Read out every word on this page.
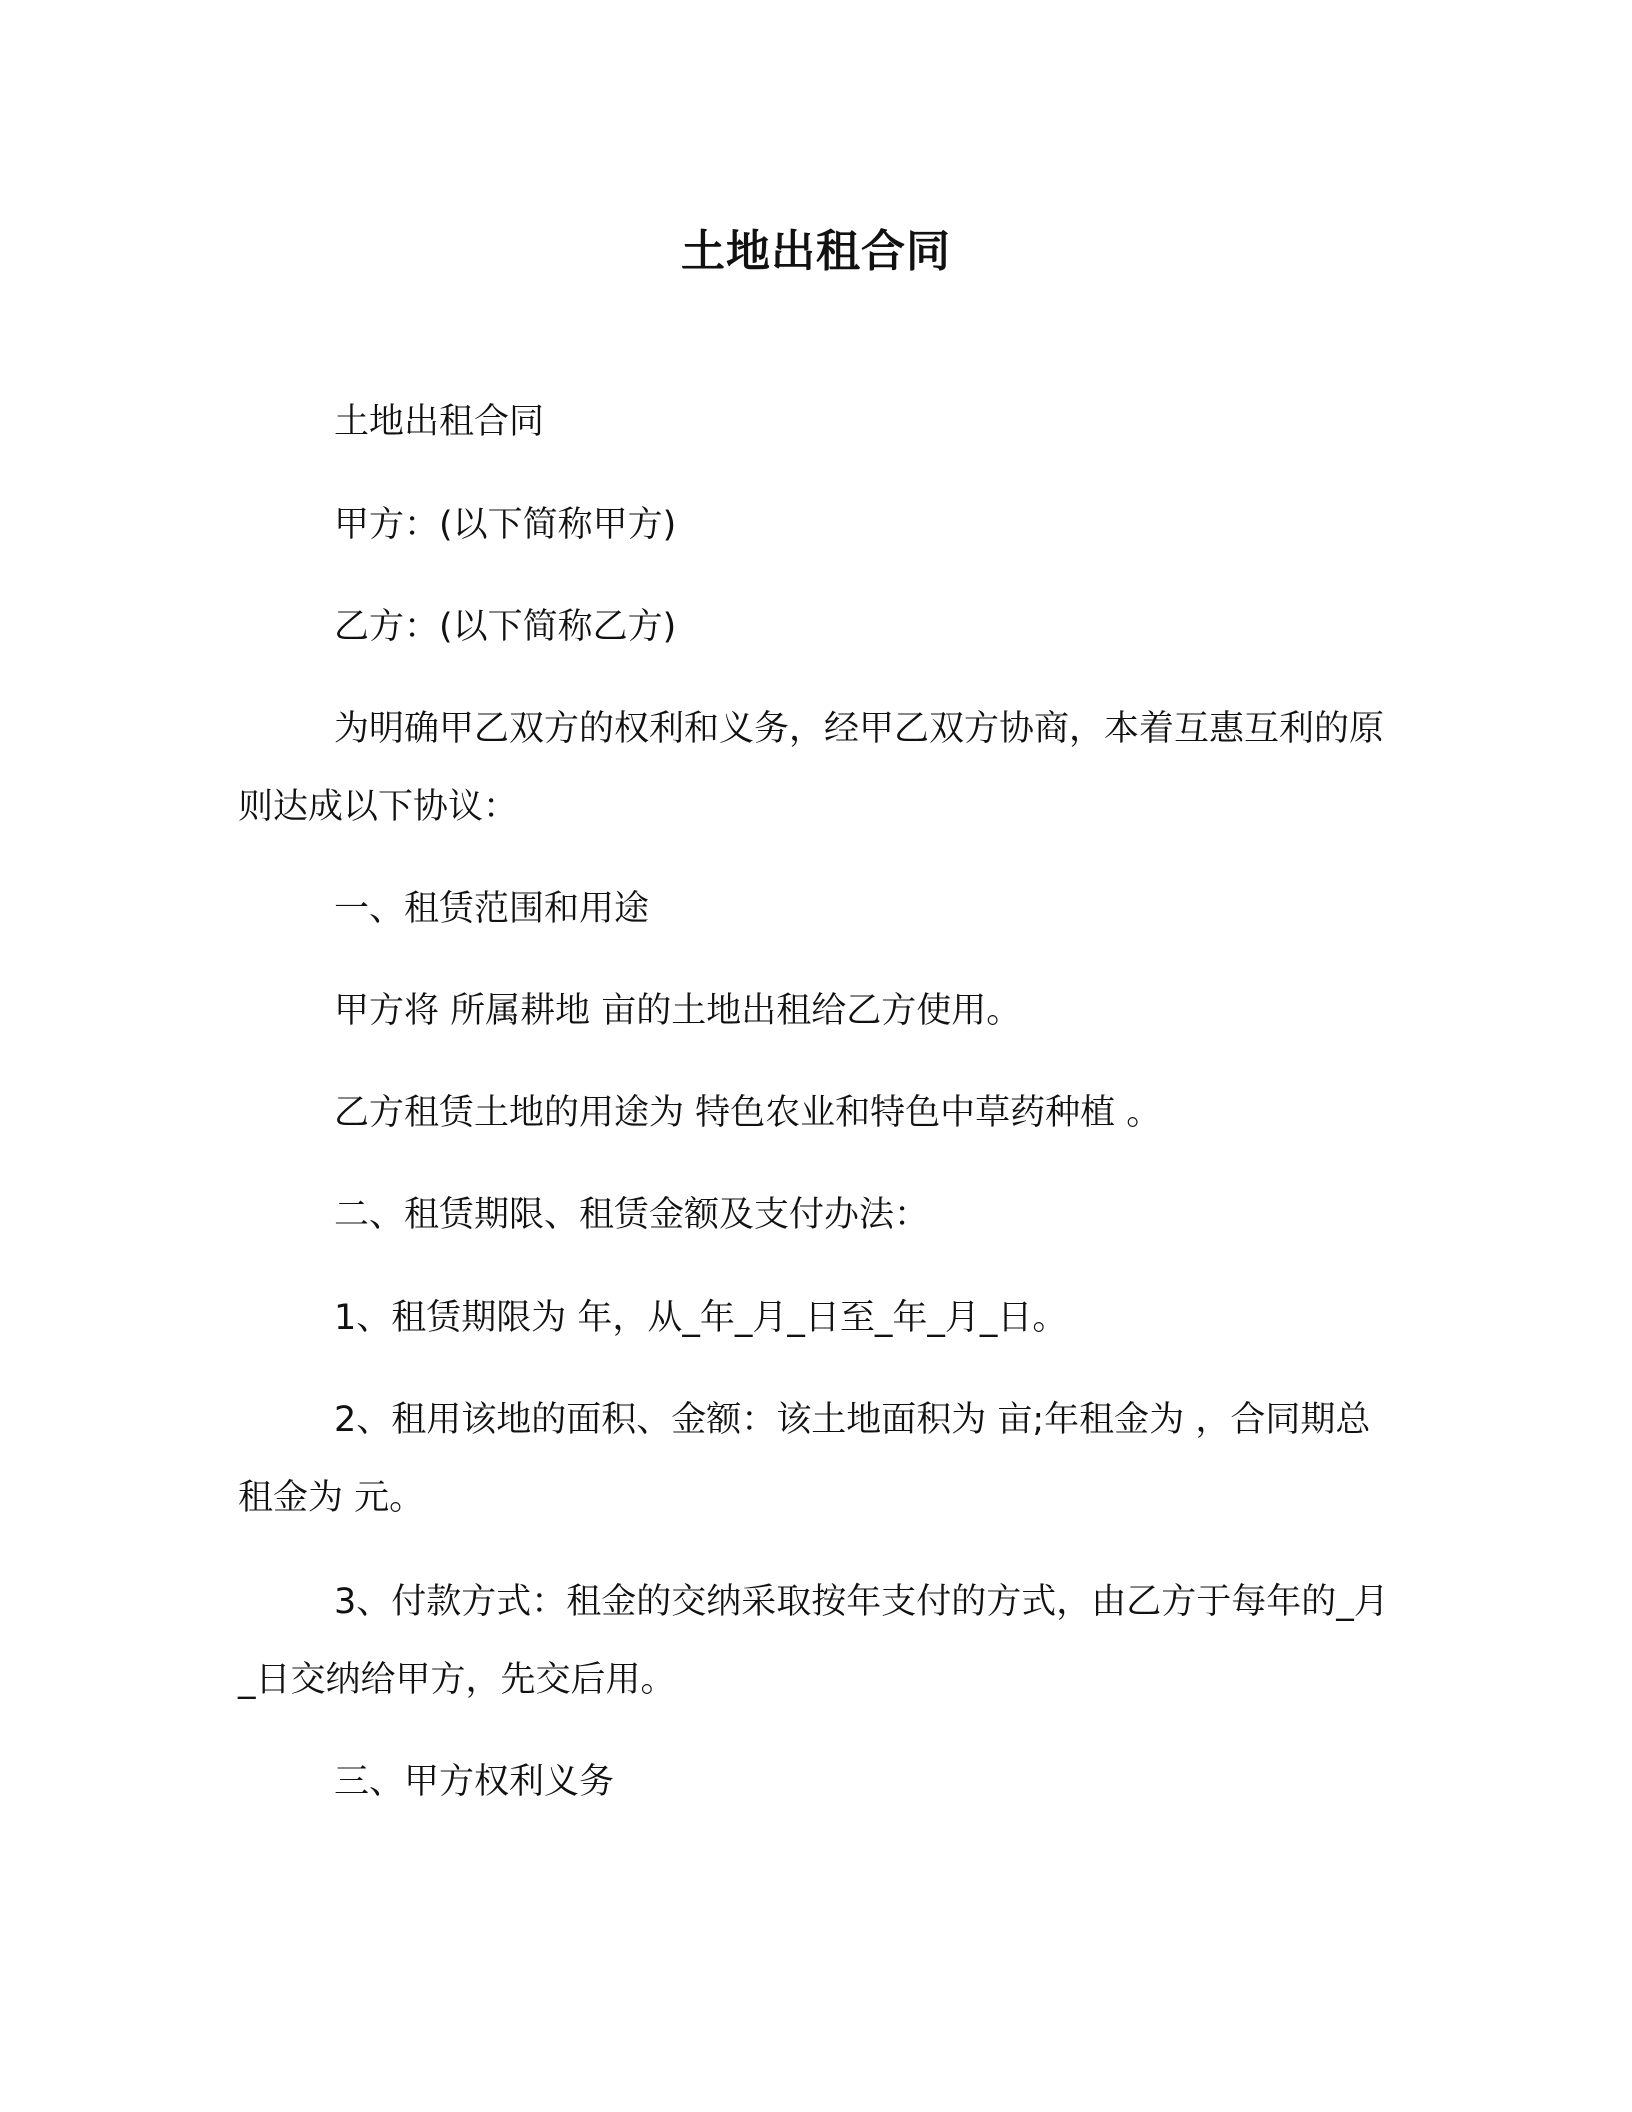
土地出租合同
土地出租合同
甲方：(以下简称甲方)
乙方：(以下简称乙方)
为明确甲乙双方的权利和义务，经甲乙双方协商，本着互惠互利的原则达成以下协议：
一、租赁范围和用途
甲方将 所属耕地 亩的土地出租给乙方使用。
乙方租赁土地的用途为 特色农业和特色中草药种植 。
二、租赁期限、租赁金额及支付办法：
1、租赁期限为 年，从_年_月_日至_年_月_日。
2、租用该地的面积、金额：该土地面积为 亩;年租金为 ，合同期总租金为 元。
3、付款方式：租金的交纳采取按年支付的方式，由乙方于每年的_月_日交纳给甲方，先交后用。
三、甲方权利义务
